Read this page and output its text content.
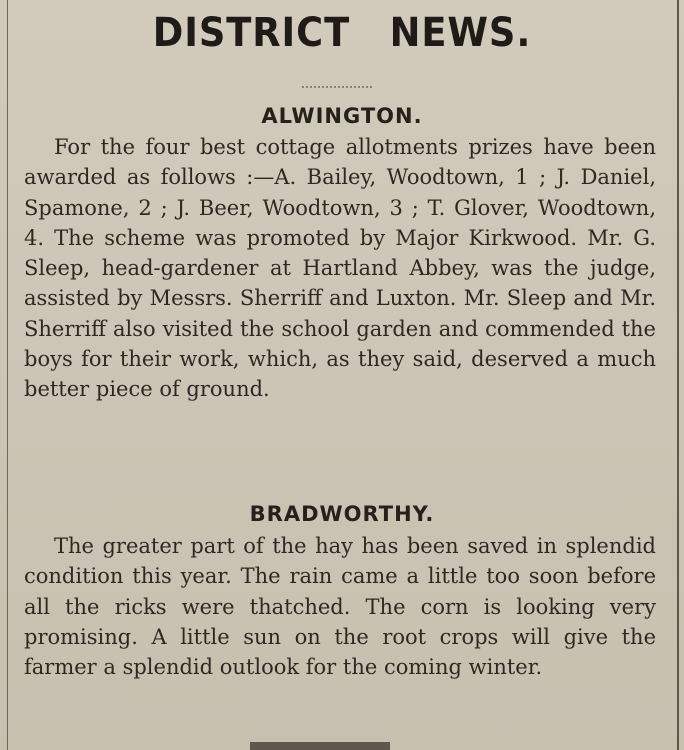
DISTRICT NEWS.
ALWINGTON.
For the four best cottage allotments prizes have been awarded as follows :—A. Bailey, Woodtown, 1 ; J. Daniel, Spamone, 2 ; J. Beer, Woodtown, 3 ; T. Glover, Woodtown, 4. The scheme was promoted by Major Kirkwood. Mr. G. Sleep, head-gardener at Hartland Abbey, was the judge, assisted by Messrs. Sherriff and Luxton. Mr. Sleep and Mr. Sherriff also visited the school garden and commended the boys for their work, which, as they said, deserved a much better piece of ground.
BRADWORTHY.
The greater part of the hay has been saved in splendid condition this year. The rain came a little too soon before all the ricks were thatched. The corn is looking very promising. A little sun on the root crops will give the farmer a splendid outlook for the coming winter.
